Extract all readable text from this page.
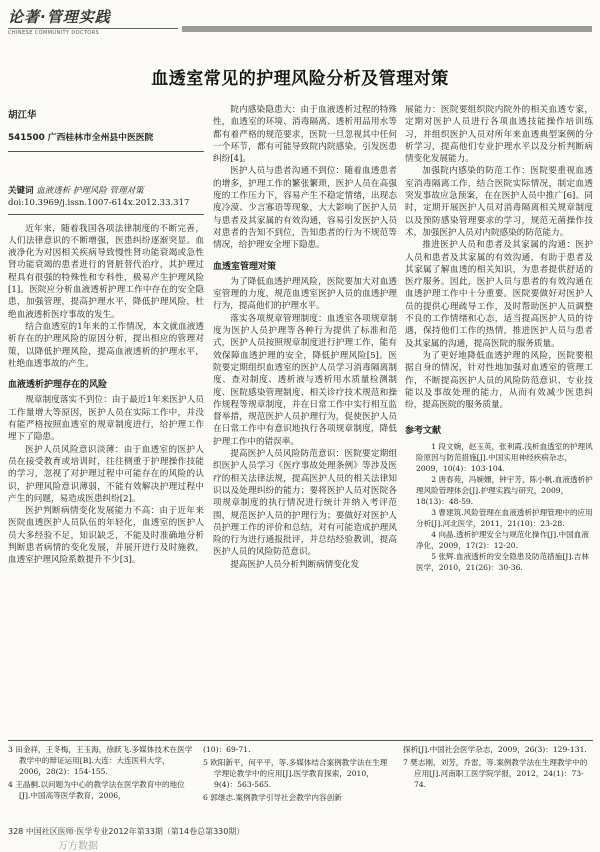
论著·管理实践
CHINESE COMMUNITY DOCTORS
血透室常见的护理风险分析及管理对策
胡江华
541500 广西桂林市全州县中医医院
关键词 血液透析 护理风险 管理对策
doi:10.3969/j.issn.1007-614x.2012.33.317

近年来，随着我国各项法律制度的不断完善，人们法律意识的不断增强，医患纠纷逐渐突显。血液净化为对因相关疾病导致慢性肾功能衰竭或急性肾功能衰竭的患者进行的肾脏替代治疗，其护理过程具有很强的特殊性和专科性，极易产生护理风险[1]。医院应分析血液透析护理工作中存在的安全隐患，加强管理，提高护理水平，降低护理风险，杜绝血液透析医疗事故的发生。

结合血透室的1年来的工作情况，本文就血液透析存在的护理风险的原因分析，提出相应的管理对策，以降低护理风险，提高血液透析的护理水平，杜绝血透事故的产生。

血液透析护理存在的风险

规章制度落实不到位：由于最近1年来医护人员工作量增大等原因，医护人员在实际工作中，并没有能严格按照血透室的规章制度进行，给护理工作埋下了隐患。

医护人员风险意识淡薄：由于血透室的医护人员在接受教育或培训时，往往侧重于护理操作技能的学习，忽视了对护理过程中可能存在的风险的认识，护理风险意识薄弱，不能有效解决护理过程中产生的问题，易造成医患纠纷[2]。

医护判断病情变化发展能力不高：由于近年来医院血透医护人员队伍的年轻化，血透室的医护人员大多经验不足，知识缺乏，不能及时准确地分析判断患者病情的变化发展，并展开进行及时施救，血透室护理风险系数提升不少[3]。

院内感染隐患大：由于血液透析过程的特殊性，血透室的环境、消毒隔离、透析用品用水等都有着严格的规范要求，医院一旦忽视其中任何一个环节，都有可能导致院内院感染，引发医患纠纷[4]。

医护人员与患者沟通不到位：随着血透患者的增多，护理工作的繁张繁琐，医护人员在高强度的工作压力下，容易产生不稳定情绪，出现态度冷漠、少言寡语等现象，大大影响了医护人员与患者及其家属的有效沟通，容易引发医护人员对患者的告知不到位，告知患者的行为不规范等情况，给护理安全埋下隐患。

血透室管理对策

为了降低血透护理风险，医院要加大对血透室管理的力度，规范血透室医护人员的血透护理行为，提高他们的护理水平。

落实各项规章管理制度：血透室各项规章制度为医护人员护理等各种行为提供了标准和范式，医护人员按照规章制度进行护理工作，能有效保障血透护理的安全，降低护理风险[5]。医院要定期组织血透室的医护人员学习消毒隔离制度、查对制度、透析液与透析用水质量检测制度、医院感染管理制度、相关诊疗技术规范和操作规程等规章制度，并在日常工作中实行相互监督举措，规范医护人员护理行为，促使医护人员在日常工作中有意识地执行各项规章制度，降低护理工作中的错误率。

提高医护人员风险防范意识：医院要定期组织医护人员学习《医疗事故处理条例》等涉及医疗的相关法律法规，提高医护人员的相关法律知识以及处理纠纷的能力；要将医护人员对医院各项规章制度的执行情况进行统计并纳入考评范围，规范医护人员的护理行为；要做好对医护人员护理工作的评价和总结，对有可能造成护理风险的行为进行通报批评，并总结经验教训，提高医护人员的风险防范意识。

提高医护人员分析判断病情变化发

展能力：医院要组织院内院外的相关血透专家，定期对医护人员进行各项血透技能操作培训练习，并组织医护人员对所年来血透典型案例的分析学习，提高他们专业护理水平以及分析判断病情变化发展能力。

加强院内感染的防范工作：医院要重视血透室消毒隔离工作，结合医院实际情况，制定血透突发事故应急预案，在在医护人员中推广[6]。同时，定期开展医护人员对消毒隔离相关规章制度以及预防感染管理要求的学习，规范无菌操作技术，加强医护人员对内院感染的防范能力。

推进医护人员和患者及其家属的沟通：医护人员和患者及其家属的有效沟通，有助于患者及其家属了解血透的相关知识，为患者提供舒适的医疗服务。因此，医护人员与患者的有效沟通在血透护理工作中十分重要。医院要做好对医护人员的提供心理疏导工作，及时帮助医护人员调整不良的工作情绪和心态，适当提高医护人员的待遇，保持他们工作的热情，推进医护人员与患者及其家属的沟通，提高医院的服务质量。

为了更好地降低血透护理的风险，医院要根据自身的情况，针对性地加强对血透室的管理工作，不断提高医护人员的风险防范意识、专业技能以及事故处理的能力，从而有效减少医患纠纷，提高医院的服务质量。

参考文献

1 段文婉，赵玉英，张利霞.浅析血透室的护理风险原因与防范措施[J].中国实用神经疾病杂志，2009，10(4)：103-104.

2 唐春苑，冯婉姗，钟宇芳，陈小帆.血液透析护理风险管理体会[J].护理实践与研究，2009，18(13)：48-59.

3 曹建筑.风险管理在血液透析护理管理中的应用分析[J].河北医学，2011，21(10)：23-28.

4 向晶.透析护理安全与规范化操作[J].中国血液净化，2009，17(2)：12-20.

5 张辉.血液透析的安全隐患及防范措施[J].吉林医学，2010，21(26)：30-36.

3 田金祥，王冬梅，王玉海，徐跃飞.多媒体技术在医学教学中的辩证运用[B].大连：大连医科大学，2006，28(2)：154-155.

4 王晶桐.以问题为中心的教学法在医学教育中的地位[J].中国高等医学教育，2006，

(10)：69-71.

5 欧阳新平，何平平，等.多媒体结合案例教学法在生理学理论教学中的应用[J].医学教育探索，2010，9(4)：563-565.

6 郭继志.案例教学引导社会教学内容创新

探析[J].中国社会医学杂志，2009，26(3)：129-131.

7 樊志刚，刘芳，乔雷，等.案例教学法在生理教学中的应用[J].河南职工医学院学报，2012，24(1)：73-74.

328 中国社区医师·医学专业2012年第33期（第14卷总第330期）
万方数据
